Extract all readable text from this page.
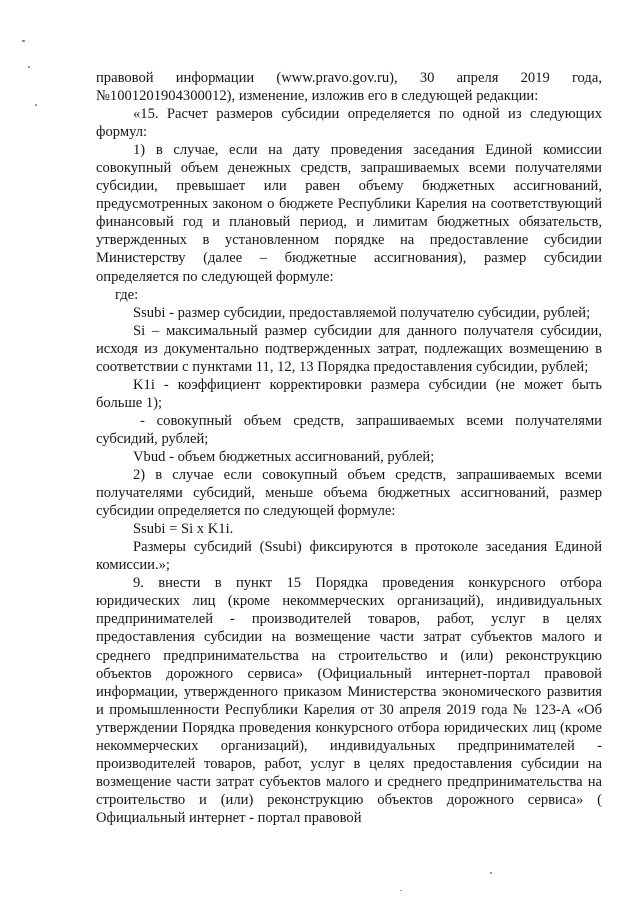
правовой информации (www.pravo.gov.ru), 30 апреля 2019 года, №1001201904300012), изменение, изложив его в следующей редакции:

«15. Расчет размеров субсидии определяется по одной из следующих формул:

1) в случае, если на дату проведения заседания Единой комиссии совокупный объем денежных средств, запрашиваемых всеми получателями субсидии, превышает или равен объему бюджетных ассигнований, предусмотренных законом о бюджете Республики Карелия на соответствующий финансовый год и плановый период, и лимитам бюджетных обязательств, утвержденных в установленном порядке на предоставление субсидии Министерству (далее – бюджетные ассигнования), размер субсидии определяется по следующей формуле:

где:

Ssubi - размер субсидии, предоставляемой получателю субсидии, рублей;

Si – максимальный размер субсидии для данного получателя субсидии, исходя из документально подтвержденных затрат, подлежащих возмещению в соответствии с пунктами 11, 12, 13 Порядка предоставления субсидии, рублей;

K1i - коэффициент корректировки размера субсидии (не может быть больше 1);

- совокупный объем средств, запрашиваемых всеми получателями субсидий, рублей;

Vbud - объем бюджетных ассигнований, рублей;

2) в случае если совокупный объем средств, запрашиваемых всеми получателями субсидий, меньше объема бюджетных ассигнований, размер субсидии определяется по следующей формуле:

Ssubi = Si x K1i.

Размеры субсидий (Ssubi) фиксируются в протоколе заседания Единой комиссии.»;

9. внести в пункт 15 Порядка проведения конкурсного отбора юридических лиц (кроме некоммерческих организаций), индивидуальных предпринимателей - производителей товаров, работ, услуг в целях предоставления субсидии на возмещение части затрат субъектов малого и среднего предпринимательства на строительство и (или) реконструкцию объектов дорожного сервиса» (Официальный интернет-портал правовой информации, утвержденного приказом Министерства экономического развития и промышленности Республики Карелия от 30 апреля 2019 года № 123-А «Об утверждении Порядка проведения конкурсного отбора юридических лиц (кроме некоммерческих организаций), индивидуальных предпринимателей - производителей товаров, работ, услуг в целях предоставления субсидии на возмещение части затрат субъектов малого и среднего предпринимательства на строительство и (или) реконструкцию объектов дорожного сервиса» ( Официальный интернет - портал правовой
